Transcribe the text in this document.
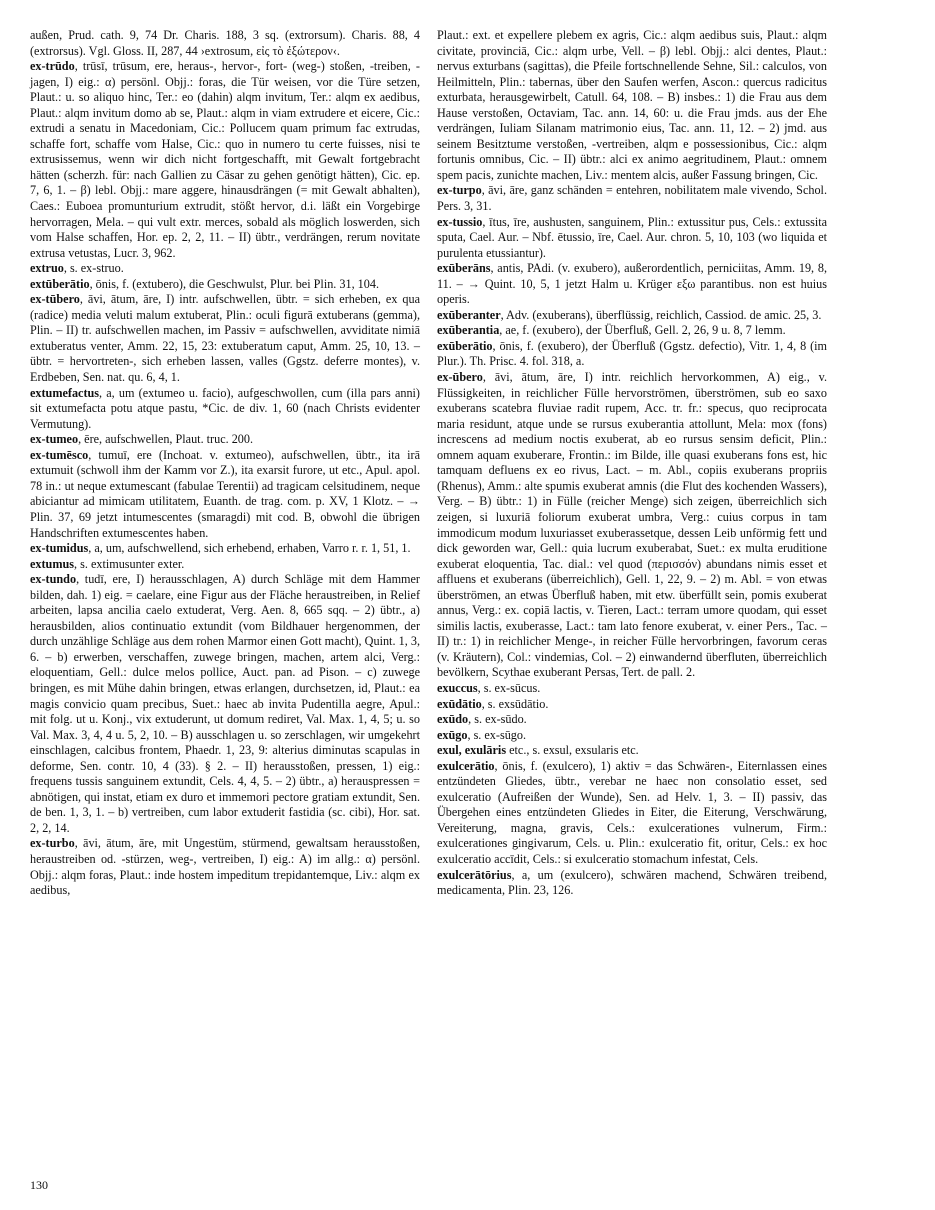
außen, Prud. cath. 9, 74 Dr. Charis. 188, 3 sq. (extrorsum). Charis. 88, 4 (extrorsus). Vgl. Gloss. II, 287, 44 ›extrosum, εἰς τὸ ἐξώτερον‹.

ex-trūdo, trūsī, trūsum, ere, heraus-, hervor-, fort- (weg-) stoßen, -treiben, -jagen, I) eig.: α) persönl. Objj.: foras, die Tür weisen, vor die Türe setzen, Plaut.: u. so aliquo hinc, Ter.: eo (dahin) alqm invitum, Ter.: alqm ex aedibus, Plaut.: alqm invitum domo ab se, Plaut.: alqm in viam extrudere et eicere, Cic.: extrudi a senatu in Macedoniam, Cic.: Pollucem quam primum fac extrudas, schaffe fort, schaffe vom Halse, Cic.: quo in numero tu certe fuisses, nisi te extrusissemus, wenn wir dich nicht fortgeschafft, mit Gewalt fortgebracht hätten (scherzh. für: nach Gallien zu Cäsar zu gehen genötigt hätten), Cic. ep. 7, 6, 1. – β) lebl. Objj.: mare aggere, hinausdrängen (= mit Gewalt abhalten), Caes.: Euboea promunturium extrudit, stößt hervor, d.i. läßt ein Vorgebirge hervorragen, Mela. – qui vult extr. merces, sobald als möglich loswerden, sich vom Halse schaffen, Hor. ep. 2, 2, 11. – II) übtr., verdrängen, rerum novitate extrusa vetustas, Lucr. 3, 962.

extruo, s. ex-struo.

extūberātio, ōnis, f. (extubero), die Geschwulst, Plur. bei Plin. 31, 104.

ex-tūbero, āvi, ātum, āre, I) intr. aufschwellen, übtr. = sich erheben, ex qua (radice) media veluti malum extuberat, Plin.: oculi figurā extuberans (gemma), Plin. – II) tr. aufschwellen machen, im Passiv = aufschwellen, avviditate nimiā extuberatus venter, Amm. 22, 15, 23: extuberatum caput, Amm. 25, 10, 13. – übtr. = hervortreten-, sich erheben lassen, valles (Ggstz. deferre montes), v. Erdbeben, Sen. nat. qu. 6, 4, 1.

extumefactus, a, um (extumeo u. facio), aufgeschwollen, cum (illa pars anni) sit extumefacta potu atque pastu, *Cic. de div. 1, 60 (nach Christs evidenter Vermutung).

ex-tumeo, ēre, aufschwellen, Plaut. truc. 200.

ex-tumēsco, tumuī, ere (Inchoat. v. extumeo), aufschwellen, übtr., ita irā extumuit (schwoll ihm der Kamm vor Z.), ita exarsit furore, ut etc., Apul. apol. 78 in.: ut neque extumescant (fabulae Terentii) ad tragicam celsitudinem, neque abiciantur ad mimicam utilitatem, Euanth. de trag. com. p. XV, 1 Klotz. – → Plin. 37, 69 jetzt intumescentes (smaragdi) mit cod. B, obwohl die übrigen Handschriften extumescentes haben.

ex-tumidus, a, um, aufschwellend, sich erhebend, erhaben, Varro r. r. 1, 51, 1.

extumus, s. extimusunter exter.

ex-tundo, tudī, ere, I) herausschlagen, A) durch Schläge mit dem Hammer bilden, dah. 1) eig. = caelare, eine Figur aus der Fläche heraustreiben, in Relief arbeiten, lapsa ancilia caelo extuderat, Verg. Aen. 8, 665 sqq. – 2) übtr., a) herausbilden, alios continuatio extundit (vom Bildhauer hergenommen, der durch unzählige Schläge aus dem rohen Marmor einen Gott macht), Quint. 1, 3, 6. – b) erwerben, verschaffen, zuwege bringen, machen, artem alci, Verg.: eloquentiam, Gell.: dulce melos pollice, Auct. pan. ad Pison. – c) zuwege bringen, es mit Mühe dahin bringen, etwas erlangen, durchsetzen, id, Plaut.: ea magis convicio quam precibus, Suet.: haec ab invita Pudentilla aegre, Apul.: mit folg. ut u. Konj., vix extuderunt, ut domum rediret, Val. Max. 1, 4, 5; u. so Val. Max. 3, 4, 4 u. 5, 2, 10. – B) ausschlagen u. so zerschlagen, wir umgekehrt einschlagen, calcibus frontem, Phaedr. 1, 23, 9: alterius diminutas scapulas in deforme, Sen. contr. 10, 4 (33). § 2. – II) herausstoßen, pressen, 1) eig.: frequens tussis sanguinem extundit, Cels. 4, 4, 5. – 2) übtr., a) herauspressen = abnötigen, qui instat, etiam ex duro et immemori pectore gratiam extundit, Sen. de ben. 1, 3, 1. – b) vertreiben, cum labor extuderit fastidia (sc. cibi), Hor. sat. 2, 2, 14.

ex-turbo, āvi, ātum, āre, mit Ungestüm, stürmend, gewaltsam herausstoßen, heraustreiben od. -stürzen, weg-, vertreiben, I) eig.: A) im allg.: α) persönl. Objj.: alqm foras, Plaut.: inde hostem impeditum trepidantemque, Liv.: alqm ex aedibus,

Plaut.: ext. et expellere plebem ex agris, Cic.: alqm aedibus suis, Plaut.: alqm civitate, provinciā, Cic.: alqm urbe, Vell. – β) lebl. Objj.: alci dentes, Plaut.: nervus exturbans (sagittas), die Pfeile fortschnellende Sehne, Sil.: calculos, von Heilmitteln, Plin.: tabernas, über den Saufen werfen, Ascon.: quercus radicitus exturbata, herausgewirbelt, Catull. 64, 108. – B) insbes.: 1) die Frau aus dem Hause verstoßen, Octaviam, Tac. ann. 14, 60: u. die Frau jmds. aus der Ehe verdrängen, Iuliam Silanam matrimonio eius, Tac. ann. 11, 12. – 2) jmd. aus seinem Besitztume verstoßen, -vertreiben, alqm e possessionibus, Cic.: alqm fortunis omnibus, Cic. – II) übtr.: alci ex animo aegritudinem, Plaut.: omnem spem pacis, zunichte machen, Liv.: mentem alcis, außer Fassung bringen, Cic.

ex-turpo, āvi, āre, ganz schänden = entehren, nobilitatem male vivendo, Schol. Pers. 3, 31.

ex-tussio, ītus, īre, aushusten, sanguinem, Plin.: extussitur pus, Cels.: extussita sputa, Cael. Aur. – Nbf. ētussio, īre, Cael. Aur. chron. 5, 10, 103 (wo liquida et purulenta etussiantur).

exūberāns, antis, PAdi. (v. exubero), außerordentlich, perniciitas, Amm. 19, 8, 11. – → Quint. 10, 5, 1 jetzt Halm u. Krüger εξω parantibus. non est huius operis.

exūberanter, Adv. (exuberans), überflüssig, reichlich, Cassiod. de amic. 25, 3.

exūberantia, ae, f. (exubero), der Überfluß, Gell. 2, 26, 9 u. 8, 7 lemm.

exūberātio, ōnis, f. (exubero), der Überfluß (Ggstz. defectio), Vitr. 1, 4, 8 (im Plur.). Th. Prisc. 4. fol. 318, a.

ex-ūbero, āvi, ātum, āre, I) intr. reichlich hervorkommen, A) eig., v. Flüssigkeiten, in reichlicher Fülle hervorströmen, überströmen, sub eo saxo exuberans scatebra fluviae radit rupem, Acc. tr. fr.: specus, quo reciprocata maria residunt, atque unde se rursus exuberantia attollunt, Mela: mox (fons) increscens ad medium noctis exuberat, ab eo rursus sensim deficit, Plin.: omnem aquam exuberare, Frontin.: im Bilde, ille quasi exuberans fons est, hic tamquam defluens ex eo rivus, Lact. – m. Abl., copiis exuberans propriis (Rhenus), Amm.: alte spumis exuberat amnis (die Flut des kochenden Wassers), Verg. – B) übtr.: 1) in Fülle (reicher Menge) sich zeigen, überreichlich sich zeigen, si luxuriā foliorum exuberat umbra, Verg.: cuius corpus in tam immodicum modum luxuriasset exuberassetque, dessen Leib unförmig fett und dick geworden war, Gell.: quia lucrum exuberabat, Suet.: ex multa eruditione exuberat eloquentia, Tac. dial.: vel quod (περισσόν) abundans nimis esset et affluens et exuberans (überreichlich), Gell. 1, 22, 9. – 2) m. Abl. = von etwas überströmen, an etwas Überfluß haben, mit etw. überfüllt sein, pomis exuberat annus, Verg.: ex. copiā lactis, v. Tieren, Lact.: terram umore quodam, qui esset similis lactis, exuberasse, Lact.: tam lato fenore exuberat, v. einer Pers., Tac. – II) tr.: 1) in reichlicher Menge-, in reicher Fülle hervorbringen, favorum ceras (v. Kräutern), Col.: vindemias, Col. – 2) einwandernd überfluten, überreichlich bevölkern, Scythae exuberant Persas, Tert. de pall. 2.

exuccus, s. ex-sūcus.

exūdātio, s. exsūdātio.

exūdo, s. ex-sūdo.

exūgo, s. ex-sūgo.

exul, exulāris etc., s. exsul, exsularis etc.

exulcerātio, ōnis, f. (exulcero), 1) aktiv = das Schwären-, Eiternlassen eines entzündeten Gliedes, übtr., verebar ne haec non consolatio esset, sed exulceratio (Aufreißen der Wunde), Sen. ad Helv. 1, 3. – II) passiv, das Übergehen eines entzündeten Gliedes in Eiter, die Eiterung, Verschwärung, Vereiterung, magna, gravis, Cels.: exulcerationes vulnerum, Firm.: exulcerationes gingivarum, Cels. u. Plin.: exulceratio fit, oritur, Cels.: ex hoc exulceratio accīdit, Cels.: si exulceratio stomachum infestat, Cels.

exulcerātōrius, a, um (exulcero), schwären machend, Schwären treibend, medicamenta, Plin. 23, 126.

130
